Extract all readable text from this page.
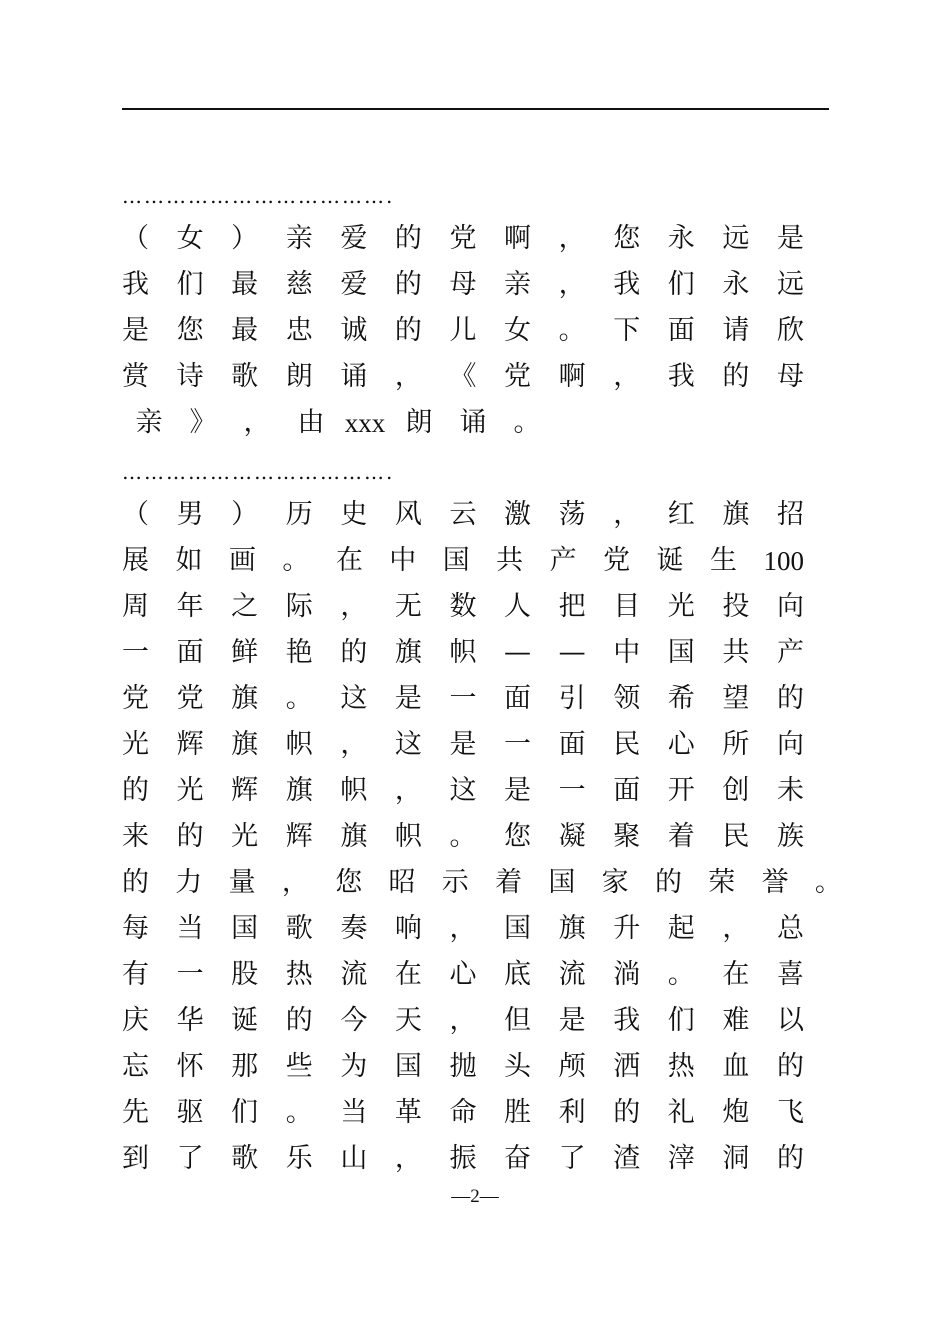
……………………………….
（ 女 ） 亲 爱 的 党 啊 ， 您 永 远 是
我 们 最 慈 爱 的 母 亲 ， 我 们 永 远
是 您 最 忠 诚 的 儿 女 。 下 面 请 欣
赏 诗 歌 朗 诵 ， 《 党 啊 ， 我 的 母
亲	》	，	由 xxx 朗	诵	。
……………………………….
（ 男 ） 历 史 风 云 激 荡 ， 红 旗 招
展 如 画 。 在 中 国 共 产 党 诞 生 100
周 年 之 际 ， 无 数 人 把 目 光 投 向
一 面 鲜 艳 的 旗 帜 — — 中 国 共 产
党 党 旗 。 这 是 一 面 引 领 希 望 的
光 辉 旗 帜 ， 这 是 一 面 民 心 所 向
的 光 辉 旗 帜 ， 这 是 一 面 开 创 未
来 的 光 辉 旗 帜 。 您 凝 聚 着 民 族
的 力 量 ， 您 昭 示 着 国 家 的 荣 誉 。
每 当 国 歌 奏 响 ， 国 旗 升 起 ， 总
有 一 股 热 流 在 心 底 流 淌 。 在 喜
庆 华 诞 的 今 天 ， 但 是 我 们 难 以
忘 怀 那 些 为 国 抛 头 颅 洒 热 血 的
先 驱 们 。 当 革 命 胜 利 的 礼 炮 飞
到 了 歌 乐 山 ， 振 奋 了 渣 滓 洞 的
—2—
